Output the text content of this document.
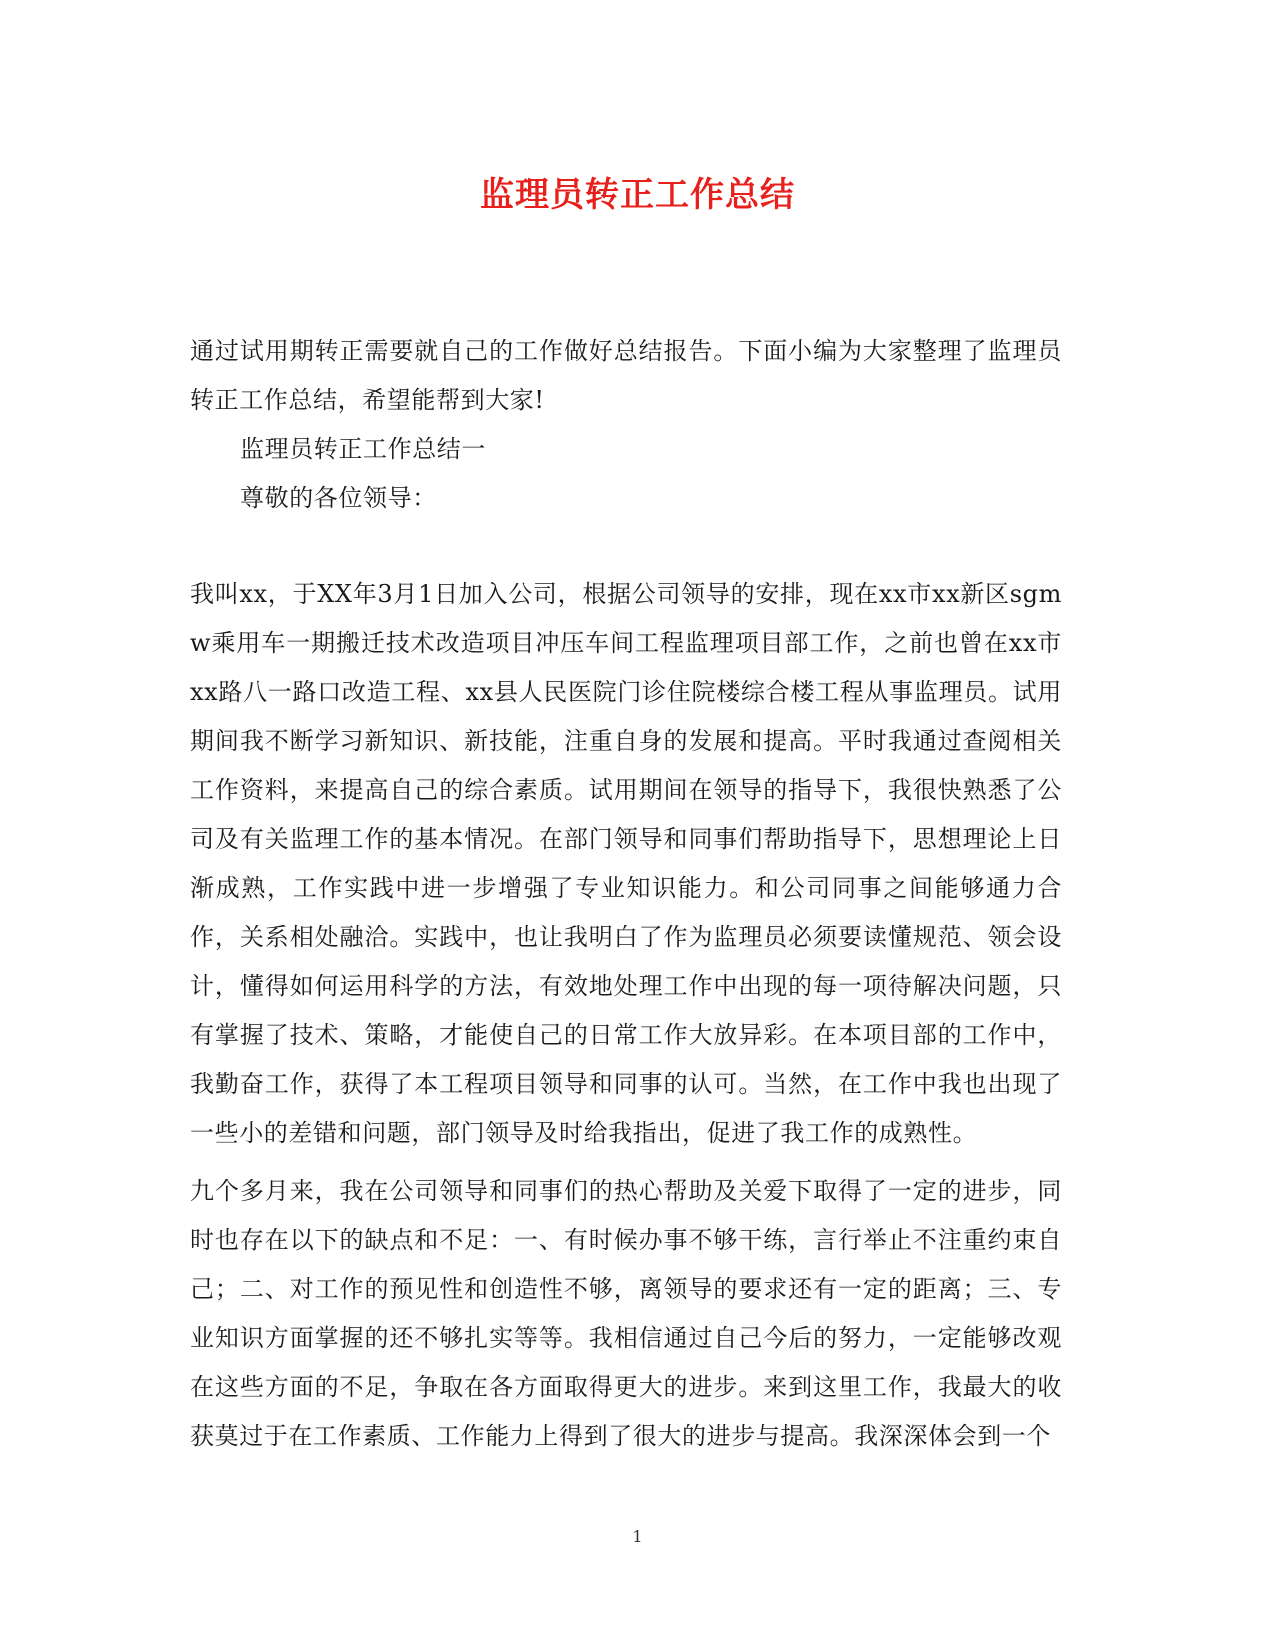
监理员转正工作总结

通过试用期转正需要就自己的工作做好总结报告。下面小编为大家整理了监理员转正工作总结，希望能帮到大家!

监理员转正工作总结一

尊敬的各位领导：

我叫xx，于XX年3月1日加入公司，根据公司领导的安排，现在xx市xx新区sgmw乘用车一期搬迁技术改造项目冲压车间工程监理项目部工作，之前也曾在xx市xx路八一路口改造工程、xx县人民医院门诊住院楼综合楼工程从事监理员。试用期间我不断学习新知识、新技能，注重自身的发展和提高。平时我通过查阅相关工作资料，来提高自己的综合素质。试用期间在领导的指导下，我很快熟悉了公司及有关监理工作的基本情况。在部门领导和同事们帮助指导下，思想理论上日渐成熟，工作实践中进一步增强了专业知识能力。和公司同事之间能够通力合作，关系相处融洽。实践中，也让我明白了作为监理员必须要读懂规范、领会设计，懂得如何运用科学的方法，有效地处理工作中出现的每一项待解决问题，只有掌握了技术、策略，才能使自己的日常工作大放异彩。在本项目部的工作中，我勤奋工作，获得了本工程项目领导和同事的认可。当然，在工作中我也出现了一些小的差错和问题，部门领导及时给我指出，促进了我工作的成熟性。

九个多月来，我在公司领导和同事们的热心帮助及关爱下取得了一定的进步，同时也存在以下的缺点和不足：一、有时候办事不够干练，言行举止不注重约束自己；二、对工作的预见性和创造性不够，离领导的要求还有一定的距离；三、专业知识方面掌握的还不够扎实等等。我相信通过自己今后的努力，一定能够改观在这些方面的不足，争取在各方面取得更大的进步。来到这里工作，我最大的收获莫过于在工作素质、工作能力上得到了很大的进步与提高。我深深体会到一个

1
